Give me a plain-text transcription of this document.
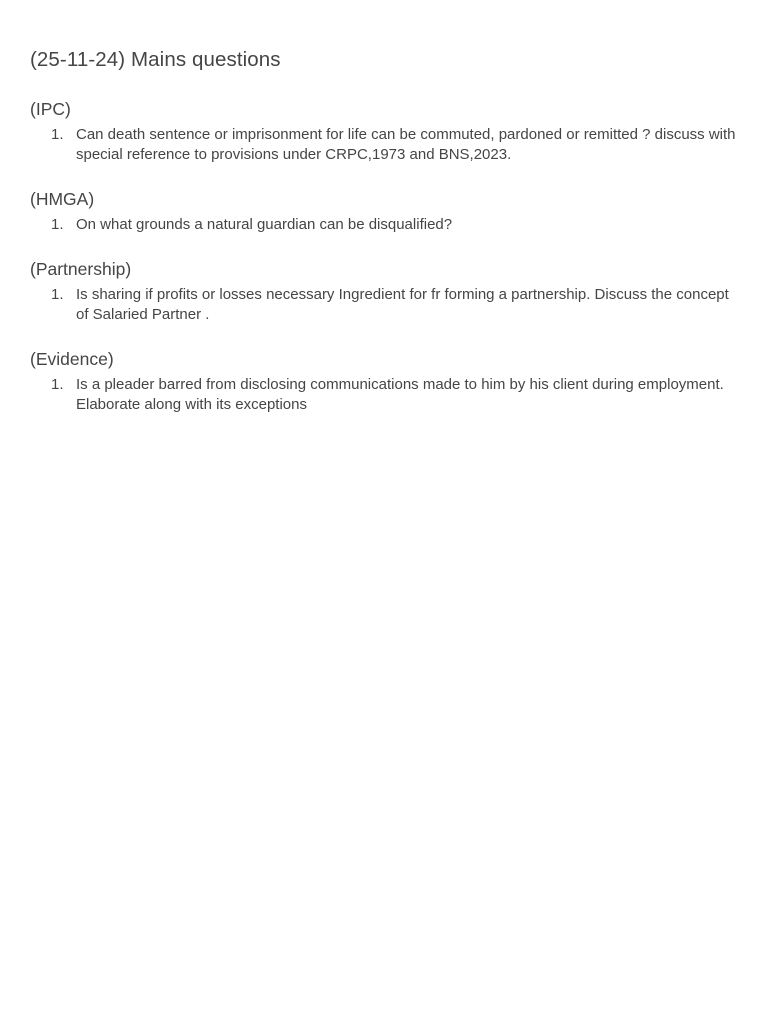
(25-11-24) Mains questions
(IPC)
1. Can death sentence or imprisonment for life can be commuted, pardoned or remitted ? discuss with special reference to provisions under CRPC,1973 and BNS,2023.
(HMGA)
1. On what grounds a natural guardian can be disqualified?
(Partnership)
1. Is sharing if profits or losses necessary Ingredient for fr forming a partnership. Discuss the concept of Salaried Partner .
(Evidence)
1. Is a pleader barred from disclosing communications made to him by his client during employment. Elaborate along with its exceptions
